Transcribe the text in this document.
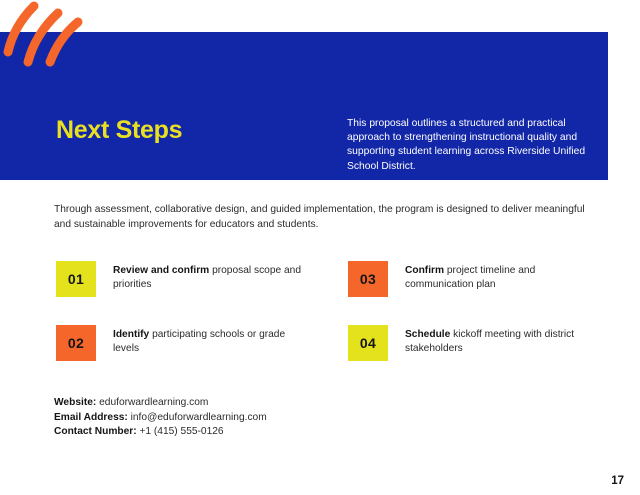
Next Steps	This proposal outlines a structured and practical approach to strengthening instructional quality and supporting student learning across Riverside Unified School District.
Through assessment, collaborative design, and guided implementation, the program is designed to deliver meaningful and sustainable improvements for educators and students.
01
Review and confirm proposal scope and priorities	03
Confirm project timeline and communication plan
02
Identify participating schools or grade levels	04
Schedule kickoff meeting with district stakeholders
Website: eduforwardlearning.com
Email Address: info@eduforwardlearning.com
Contact Number: +1 (415) 555-0126
17
